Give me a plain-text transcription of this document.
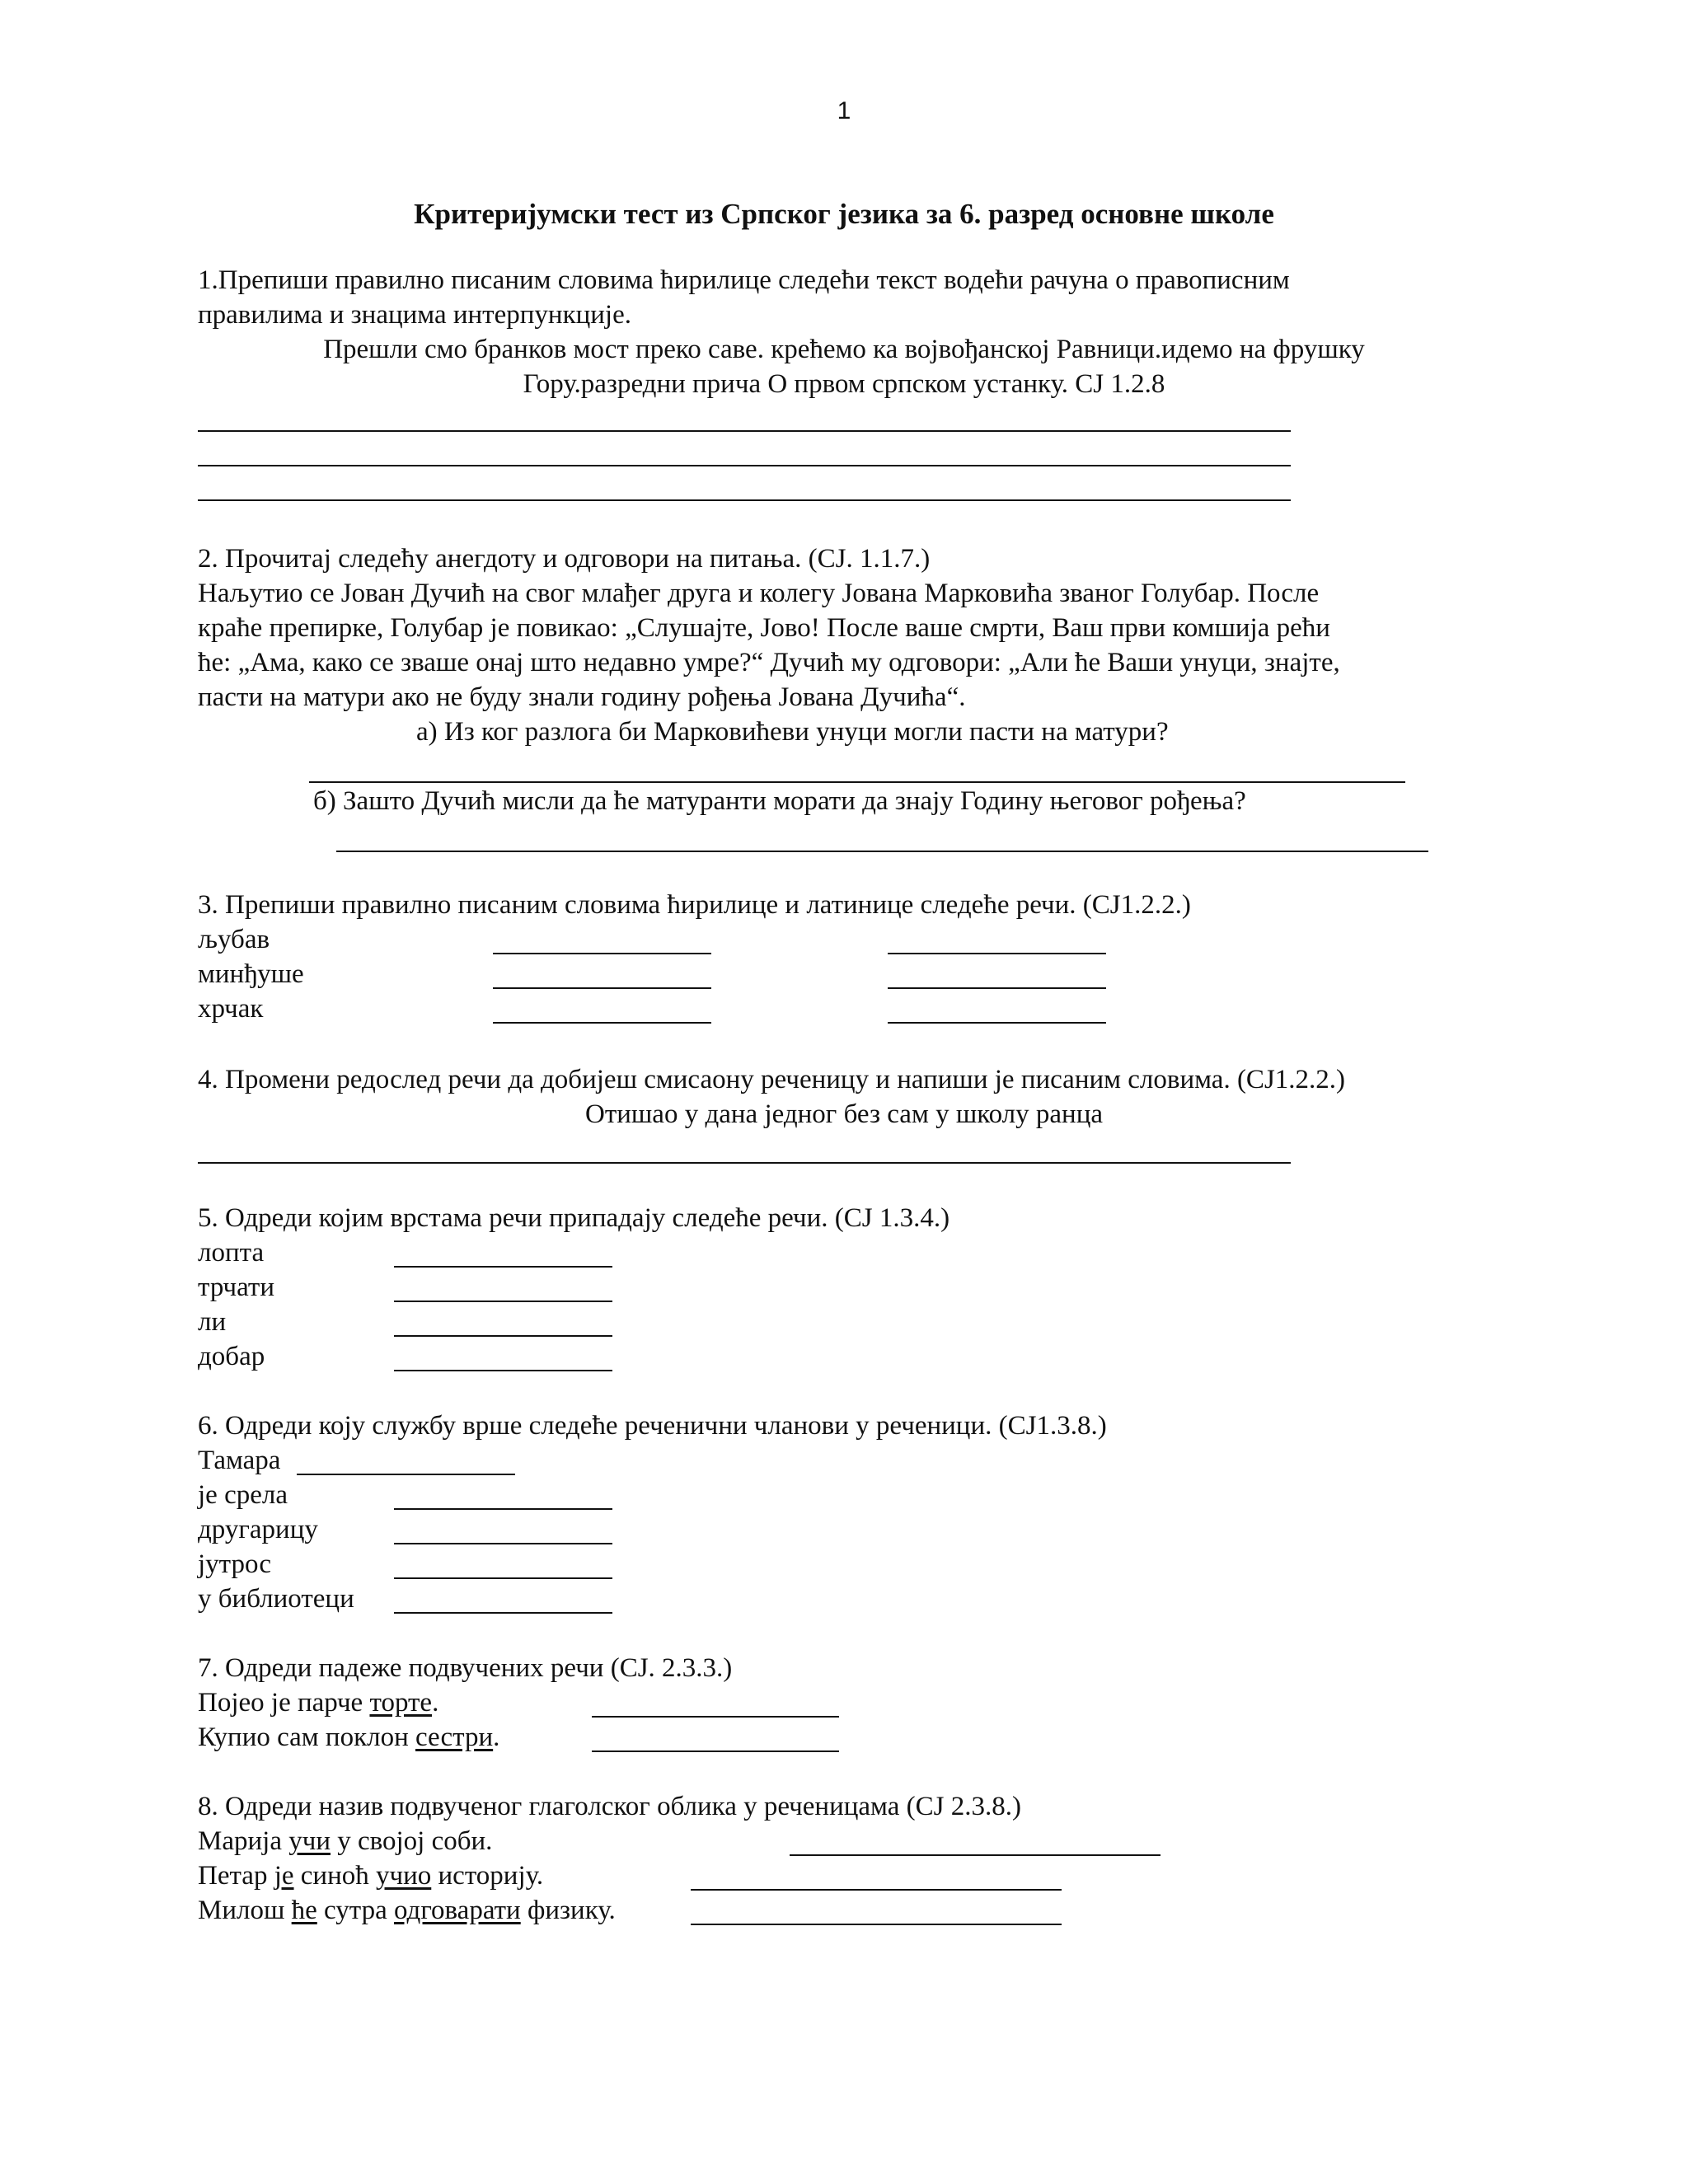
1
Критеријумски тест из Српског језика за 6. разред основне школе
1.Препиши правилно писаним словима ћирилице следећи текст водећи рачуна о правописним
правилима и знацима интерпункције.
Прешли смо бранков мост преко саве. крећемо ка војвођанској Равници.идемо на фрушку
Гору.разредни прича О првом српском устанку. СЈ 1.2.8
2. Прочитај следећу анегдоту и одговори на питања. (СЈ. 1.1.7.)
Наљутио се Јован Дучић на свог млађег друга и колегу Јована Марковића званог Голубар. После
краће препирке, Голубар је повикао: „Слушајте, Јово! После ваше смрти, Ваш први комшија рећи
ће: „Ама, како се зваше онај што недавно умре?“ Дучић му одговори: „Али ће Ваши унуци, знајте,
пасти на матури ако не буду знали годину рођења Јована Дучића“.
а) Из ког разлога би Марковићеви унуци могли пасти на матури?
б) Зашто Дучић мисли да ће матуранти морати да знају Годину његовог рођења?
3. Препиши правилно писаним словима ћирилице и латинице следеће речи. (СЈ1.2.2.)
љубав
минђуше
хрчак
4. Промени редослед речи да добијеш смисаону реченицу и напиши је писаним словима. (СЈ1.2.2.)
Отишао у дана једног без сам у школу ранца
5. Одреди којим врстама речи припадају следеће речи. (СЈ 1.3.4.)
лопта
трчати
ли
добар
6. Одреди коју службу врше следеће реченични чланови у реченици. (СЈ1.3.8.)
Тамара
је срела
другарицу
јутрос
у библиотеци
7. Одреди падеже подвучених речи (СЈ. 2.3.3.)
Појео је парче торте.
Купио сам поклон сестри.
8. Одреди назив подвученог глаголског облика у реченицама (СЈ 2.3.8.)
Марија учи у својој соби.
Петар је синоћ учио историју.
Милош ће сутра одговарати физику.
